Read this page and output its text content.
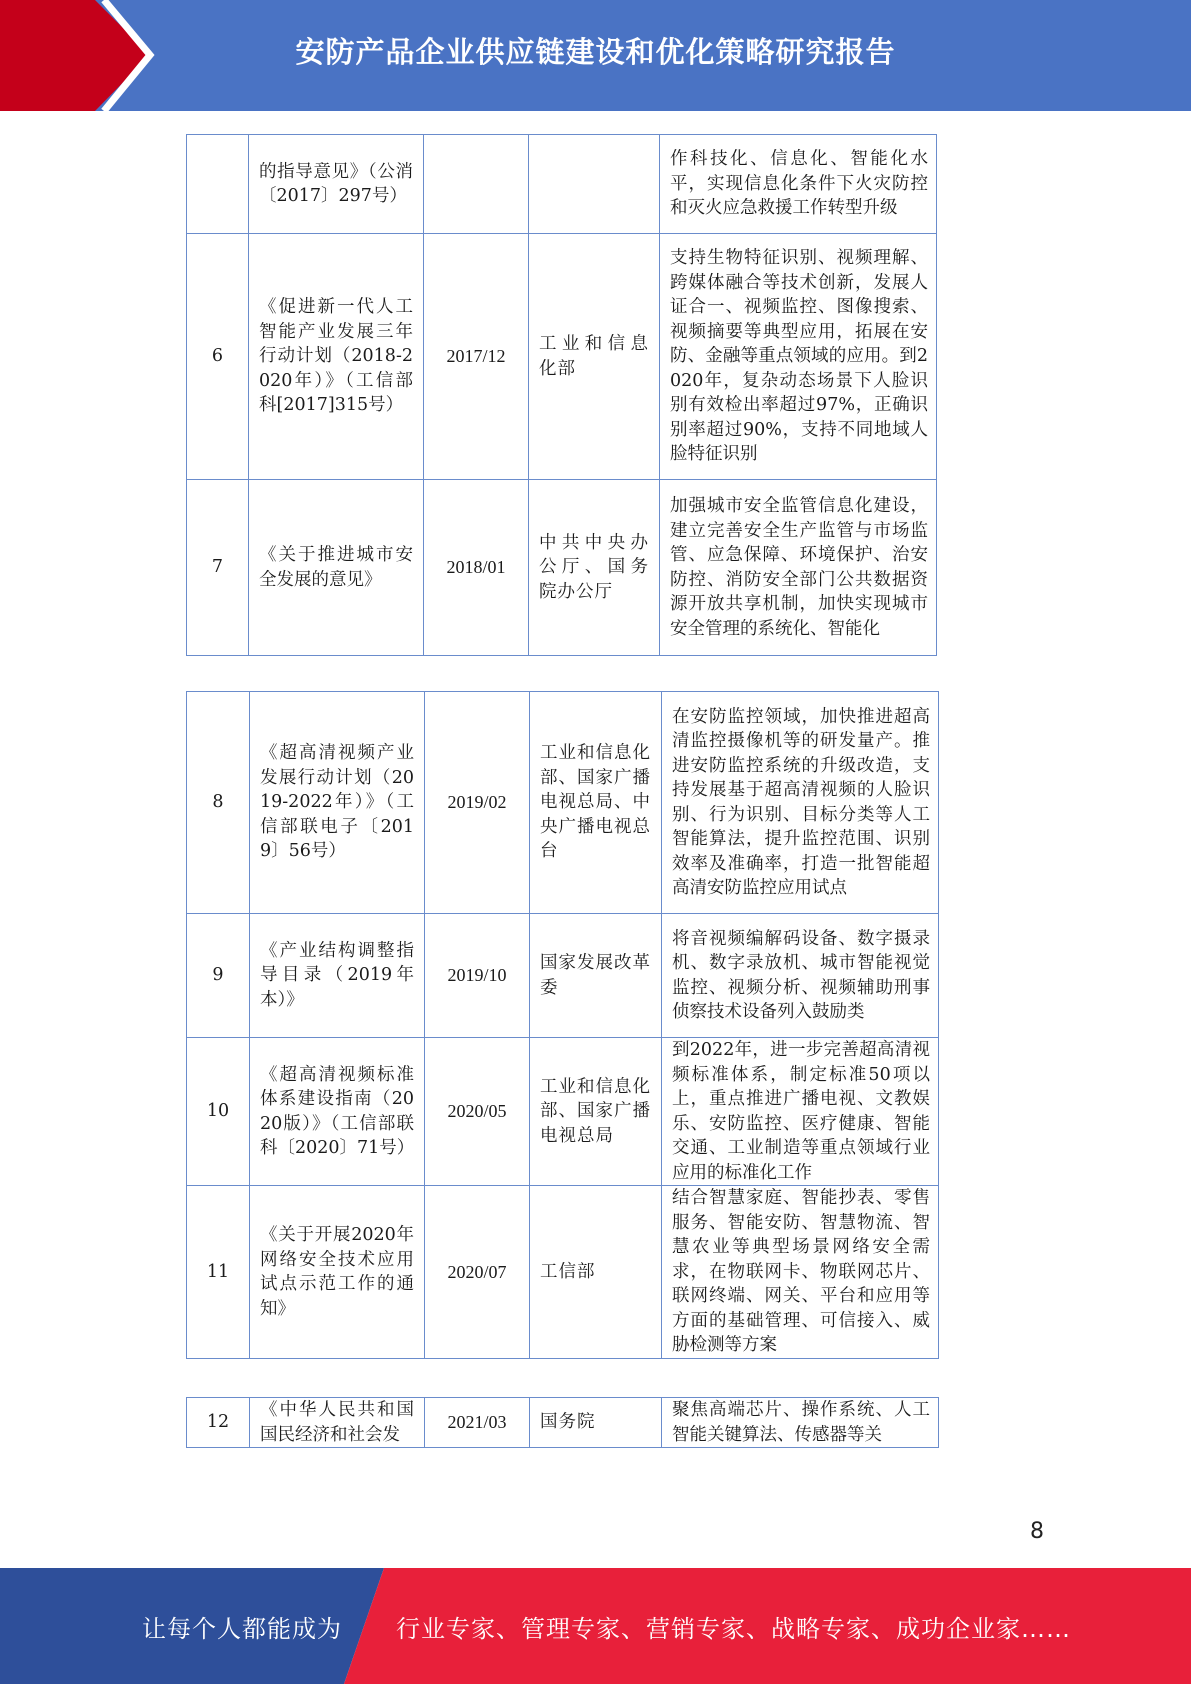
安防产品企业供应链建设和优化策略研究报告
	的指导意见》（公消〔2017〕297号）			作科技化、信息化、智能化水平，实现信息化条件下火灾防控和灭火应急救援工作转型升级
6	《促进新一代人工智能产业发展三年行动计划（2018-2020年）》（工信部科[2017]315号）	2017/12	工业和信息化部	支持生物特征识别、视频理解、跨媒体融合等技术创新，发展人证合一、视频监控、图像搜索、视频摘要等典型应用，拓展在安防、金融等重点领域的应用。到2020年，复杂动态场景下人脸识别有效检出率超过97%，正确识别率超过90%，支持不同地域人脸特征识别
7	《关于推进城市安全发展的意见》	2018/01	中共中央办公厅、国务院办公厅	加强城市安全监管信息化建设，建立完善安全生产监管与市场监管、应急保障、环境保护、治安防控、消防安全部门公共数据资源开放共享机制，加快实现城市安全管理的系统化、智能化
8	《超高清视频产业发展行动计划（2019-2022年）》（工信部联电子〔2019〕56号）	2019/02	工业和信息化部、国家广播电视总局、中央广播电视总台	在安防监控领域，加快推进超高清监控摄像机等的研发量产。推进安防监控系统的升级改造，支持发展基于超高清视频的人脸识别、行为识别、目标分类等人工智能算法，提升监控范围、识别效率及准确率，打造一批智能超高清安防监控应用试点
9	《产业结构调整指导目录（2019年本）》	2019/10	国家发展改革委	将音视频编解码设备、数字摄录机、数字录放机、城市智能视觉监控、视频分析、视频辅助刑事侦察技术设备列入鼓励类
10	《超高清视频标准体系建设指南（2020版）》（工信部联科〔2020〕71号）	2020/05	工业和信息化部、国家广播电视总局	到2022年，进一步完善超高清视频标准体系，制定标准50项以上，重点推进广播电视、文教娱乐、安防监控、医疗健康、智能交通、工业制造等重点领域行业应用的标准化工作
11	《关于开展2020年网络安全技术应用试点示范工作的通知》	2020/07	工信部	结合智慧家庭、智能抄表、零售服务、智能安防、智慧物流、智慧农业等典型场景网络安全需求，在物联网卡、物联网芯片、联网终端、网关、平台和应用等方面的基础管理、可信接入、威胁检测等方案
12	《中华人民共和国国民经济和社会发	2021/03	国务院	聚焦高端芯片、操作系统、人工智能关键算法、传感器等关
8
让每个人都能成为 行业专家、管理专家、营销专家、战略专家、成功企业家……
